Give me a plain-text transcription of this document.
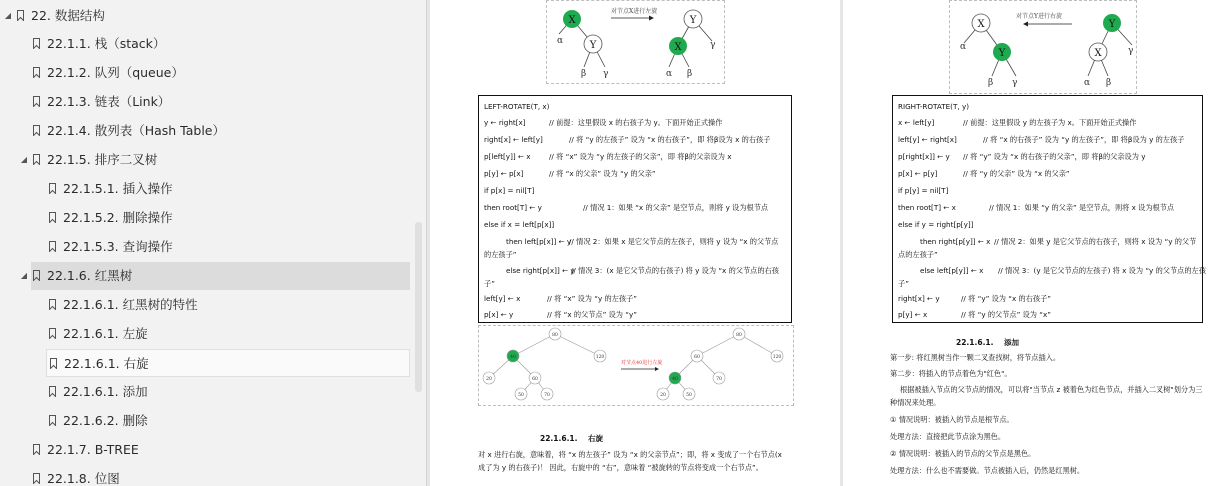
◢ 22. 数据结构
22.1.1. 栈（stack）
22.1.2. 队列（queue）
22.1.3. 链表（Link）
22.1.4. 散列表（Hash Table）
◢ 22.1.5. 排序二叉树
22.1.5.1. 插入操作
22.1.5.2. 删除操作
22.1.5.3. 查询操作
◢ 22.1.6. 红黑树
22.1.6.1. 红黑树的特性
22.1.6.1. 左旋
22.1.6.1. 右旋
22.1.6.1. 添加
22.1.6.2. 删除
22.1.7. B-TREE
22.1.8. 位图
X
Y
α
β γ
对节点X进行左旋
Y
X	γ
α β
LEFT-ROTATE(T, x)
y ← right[x]	// 前提：这里假设 x 的右孩子为 y。下面开始正式操作
right[x] ← left[y]	// 将 “y 的左孩子” 设为 “x 的右孩子”，即 将β设为 x 的右孩子
p[left[y]] ← x	// 将 “x” 设为 “y 的左孩子的父亲”，即 将β的父亲设为 x
p[y] ← p[x]	// 将 “x 的父亲” 设为 “y 的父亲”
if p[x] = nil[T]
then root[T] ← y	// 情况 1：如果 “x 的父亲” 是空节点，则将 y 设为根节点
else if x = left[p[x]]
then left[p[x]] ← y
// 情况 2：如果 x 是它父节点的左孩子，则将 y 设为 “x 的父节点
的左孩子”
else right[p[x]] ← y
// 情况 3：(x 是它父节点的右孩子) 将 y 设为 “x 的父节点的右孩
子”
left[y] ← x	// 将 “x” 设为 “y 的左孩子”
p[x] ← y	// 将 “x 的父节点” 设为 “y”
80
40	120
20	60
50	70
80
60	120
40	70
20	50
对节点40进行左旋
22.1.6.1. 右旋
对 x 进行右旋，意味着，将 “x 的左孩子” 设为 “x 的父亲节点”；即，将 x 变成了一个右节点(x
成了为 y 的右孩子)！ 因此，右旋中的 “右”，意味着 “被旋转的节点将变成一个右节点”。
X
Y
α
β γ
对节点Y进行右旋
Y
X	γ
α β
RIGHT-ROTATE(T, y)
x ← left[y]	// 前提：这里假设 y 的左孩子为 x。下面开始正式操作
left[y] ← right[x]	// 将 “x 的右孩子” 设为 “y 的左孩子”，即 将β设为 y 的左孩子
p[right[x]] ← y // 将 “y” 设为 “x 的右孩子的父亲”，即 将β的父亲设为 y
p[x] ← p[y]	// 将 “y 的父亲” 设为 “x 的父亲”
if p[y] = nil[T]
then root[T] ← x	// 情况 1：如果 “y 的父亲” 是空节点，则将 x 设为根节点
else if y = right[p[y]]
then right[p[y]] ← x // 情况 2：如果 y 是它父节点的右孩子，则将 x 设为 “y 的父节
点的左孩子”
else left[p[y]] ← x // 情况 3：(y 是它父节点的左孩子) 将 x 设为 “y 的父节点的左孩
子”
right[x] ← y	// 将 “y” 设为 “x 的右孩子”
p[y] ← x	// 将 “y 的父节点” 设为 “x”
22.1.6.1. 添加
第一步: 将红黑树当作一颗二叉查找树，将节点插入。
第二步：将插入的节点着色为"红色"。
根据被插入节点的父节点的情况，可以将"当节点 z 被着色为红色节点，并插入二叉树"划分为三
种情况来处理。
① 情况说明：被插入的节点是根节点。
处理方法：直接把此节点涂为黑色。
② 情况说明：被插入的节点的父节点是黑色。
处理方法：什么也不需要做。节点被插入后，仍然是红黑树。
